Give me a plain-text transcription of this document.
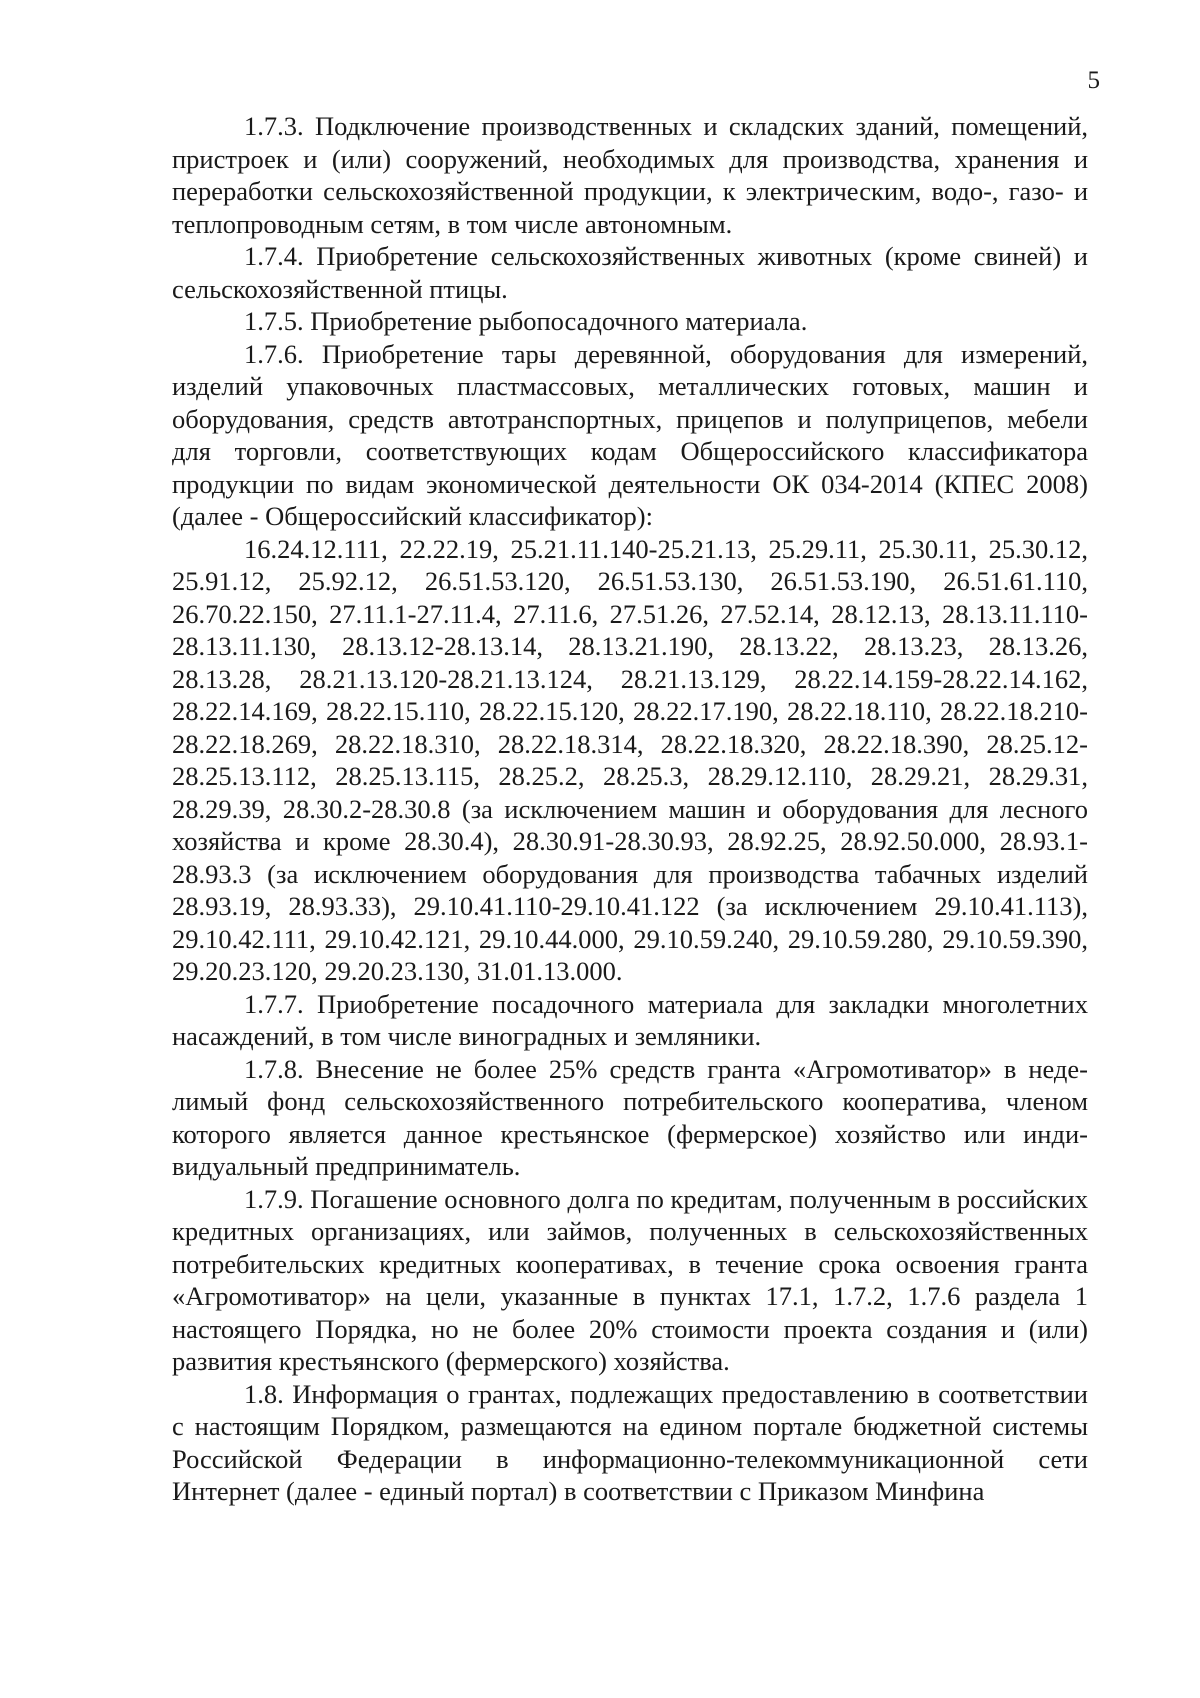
5

1.7.3. Подключение производственных и складских зданий, помещений, пристроек и (или) сооружений, необходимых для производства, хранения и переработки сельскохозяйственной продукции, к электрическим, водо-, газо- и теплопроводным сетям, в том числе автономным.

1.7.4. Приобретение сельскохозяйственных животных (кроме свиней) и сельскохозяйственной птицы.

1.7.5. Приобретение рыбопосадочного материала.

1.7.6. Приобретение тары деревянной, оборудования для измерений, изделий упаковочных пластмассовых, металлических готовых, машин и оборудования, средств автотранспортных, прицепов и полуприцепов, мебели для торговли, соответствующих кодам Общероссийского классификатора продукции по видам экономической деятельности ОК 034-2014 (КПЕС 2008) (далее - Общероссийский классификатор):

16.24.12.111, 22.22.19, 25.21.11.140-25.21.13, 25.29.11, 25.30.11, 25.30.12, 25.91.12, 25.92.12, 26.51.53.120, 26.51.53.130, 26.51.53.190, 26.51.61.110, 26.70.22.150, 27.11.1-27.11.4, 27.11.6, 27.51.26, 27.52.14, 28.12.13, 28.13.11.110-28.13.11.130, 28.13.12-28.13.14, 28.13.21.190, 28.13.22, 28.13.23, 28.13.26, 28.13.28, 28.21.13.120-28.21.13.124, 28.21.13.129, 28.22.14.159-28.22.14.162, 28.22.14.169, 28.22.15.110, 28.22.15.120, 28.22.17.190, 28.22.18.110, 28.22.18.210-28.22.18.269, 28.22.18.310, 28.22.18.314, 28.22.18.320, 28.22.18.390, 28.25.12-28.25.13.112, 28.25.13.115, 28.25.2, 28.25.3, 28.29.12.110, 28.29.21, 28.29.31, 28.29.39, 28.30.2-28.30.8 (за исключением машин и оборудования для лесного хозяйства и кроме 28.30.4), 28.30.91-28.30.93, 28.92.25, 28.92.50.000, 28.93.1-28.93.3 (за исключением оборудования для производства табачных изделий 28.93.19, 28.93.33), 29.10.41.110-29.10.41.122 (за исключением 29.10.41.113), 29.10.42.111, 29.10.42.121, 29.10.44.000, 29.10.59.240, 29.10.59.280, 29.10.59.390, 29.20.23.120, 29.20.23.130, 31.01.13.000.

1.7.7. Приобретение посадочного материала для закладки многолетних насаждений, в том числе виноградных и земляники.

1.7.8. Внесение не более 25% средств гранта «Агромотиватор» в неделимый фонд сельскохозяйственного потребительского кооператива, членом которого является данное крестьянское (фермерское) хозяйство или индивидуальный предприниматель.

1.7.9. Погашение основного долга по кредитам, полученным в российских кредитных организациях, или займов, полученных в сельскохозяйственных потребительских кредитных кооперативах, в течение срока освоения гранта «Агромотиватор» на цели, указанные в пунктах 17.1, 1.7.2, 1.7.6 раздела 1 настоящего Порядка, но не более 20% стоимости проекта создания и (или) развития крестьянского (фермерского) хозяйства.

1.8. Информация о грантах, подлежащих предоставлению в соответствии с настоящим Порядком, размещаются на едином портале бюджетной системы Российской Федерации в информационно-телекоммуникационной сети Интернет (далее - единый портал) в соответствии с Приказом Минфина
